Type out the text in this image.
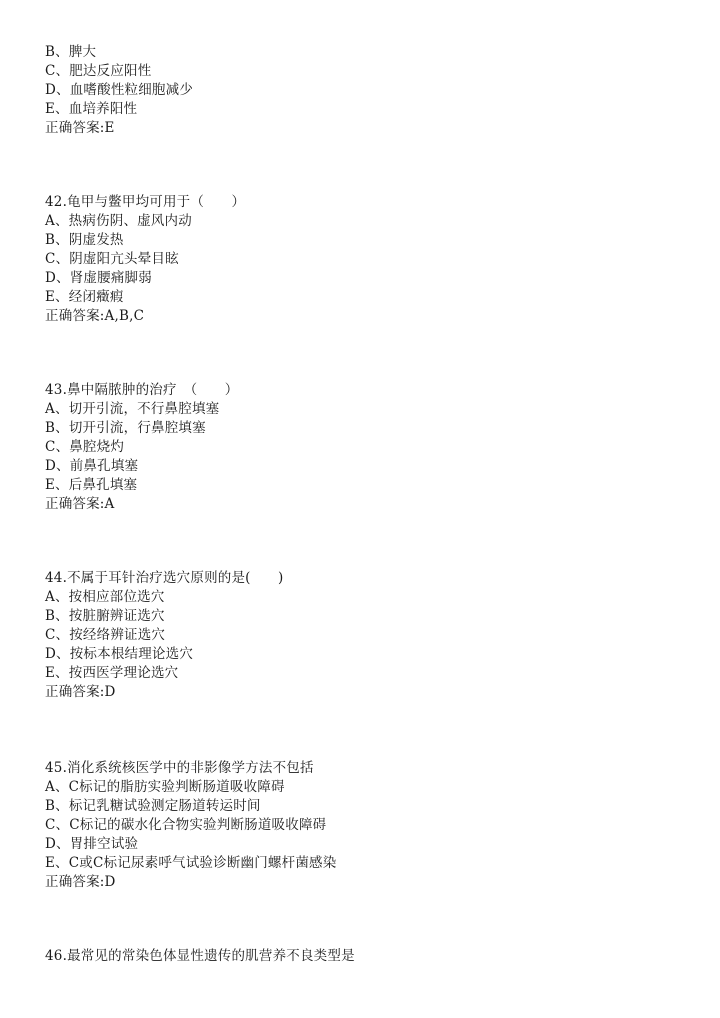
B、脾大
C、肥达反应阳性
D、血嗜酸性粒细胞减少
E、血培养阳性
正确答案:E
42.龟甲与鳖甲均可用于（　　）
A、热病伤阴、虚风内动
B、阴虚发热
C、阴虚阳亢头晕目眩
D、肾虚腰痛脚弱
E、经闭癥瘕
正确答案:A,B,C
43.鼻中隔脓肿的治疗　（　　）
A、切开引流，不行鼻腔填塞
B、切开引流，行鼻腔填塞
C、鼻腔烧灼
D、前鼻孔填塞
E、后鼻孔填塞
正确答案:A
44.不属于耳针治疗选穴原则的是(　　)
A、按相应部位选穴
B、按脏腑辨证选穴
C、按经络辨证选穴
D、按标本根结理论选穴
E、按西医学理论选穴
正确答案:D
45.消化系统核医学中的非影像学方法不包括
A、C标记的脂肪实验判断肠道吸收障碍
B、标记乳糖试验测定肠道转运时间
C、C标记的碳水化合物实验判断肠道吸收障碍
D、胃排空试验
E、C或C标记尿素呼气试验诊断幽门螺杆菌感染
正确答案:D
46.最常见的常染色体显性遗传的肌营养不良类型是
